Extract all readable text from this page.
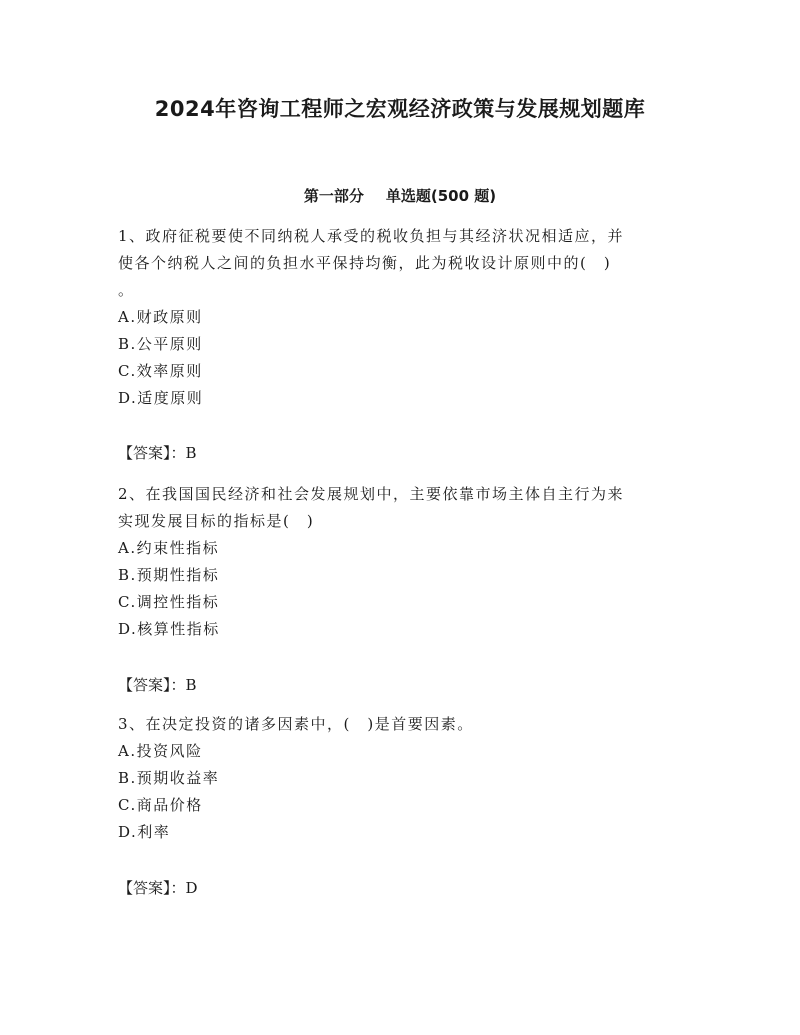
2024年咨询工程师之宏观经济政策与发展规划题库
第一部分 单选题(500 题)

1、政府征税要使不同纳税人承受的税收负担与其经济状况相适应，并

使各个纳税人之间的负担水平保持均衡，此为税收设计原则中的(　)

。

A.财政原则
B.公平原则
C.效率原则
D.适度原则
【答案】：B

2、在我国国民经济和社会发展规划中，主要依靠市场主体自主行为来

实现发展目标的指标是(　)

A.约束性指标
B.预期性指标
C.调控性指标
D.核算性指标
【答案】：B

3、在决定投资的诸多因素中，(　)是首要因素。

A.投资风险
B.预期收益率
C.商品价格
D.利率
【答案】：D
